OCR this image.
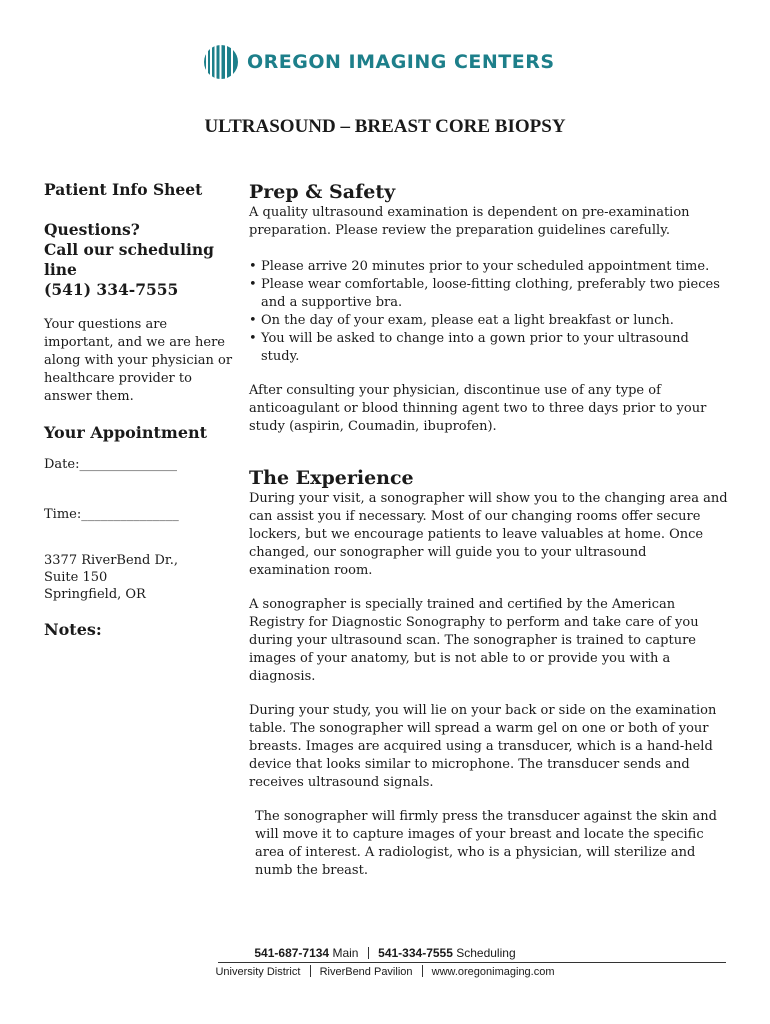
OREGON IMAGING CENTERS
ULTRASOUND – BREAST CORE BIOPSY
Patient Info Sheet
Questions?
Call our scheduling line
(541) 334-7555
Your questions are important, and we are here along with your physician or healthcare provider to answer them.
Your Appointment
Date:_______________
Time:_______________
3377 RiverBend Dr.,
Suite 150
Springfield, OR
Notes:
Prep & Safety

A quality ultrasound examination is dependent on pre-examination preparation. Please review the preparation guidelines carefully.

• Please arrive 20 minutes prior to your scheduled appointment time.
• Please wear comfortable, loose-fitting clothing, preferably two pieces and a supportive bra.
• On the day of your exam, please eat a light breakfast or lunch.
• You will be asked to change into a gown prior to your ultrasound study.

After consulting your physician, discontinue use of any type of anticoagulant or blood thinning agent two to three days prior to your study (aspirin, Coumadin, ibuprofen).

The Experience

During your visit, a sonographer will show you to the changing area and can assist you if necessary. Most of our changing rooms offer secure lockers, but we encourage patients to leave valuables at home. Once changed, our sonographer will guide you to your ultrasound examination room.

A sonographer is specially trained and certified by the American Registry for Diagnostic Sonography to perform and take care of you during your ultrasound scan. The sonographer is trained to capture images of your anatomy, but is not able to or provide you with a diagnosis.

During your study, you will lie on your back or side on the examination table. The sonographer will spread a warm gel on one or both of your breasts. Images are acquired using a transducer, which is a hand-held device that looks similar to microphone. The transducer sends and receives ultrasound signals.

The sonographer will firmly press the transducer against the skin and will move it to capture images of your breast and locate the specific area of interest. A radiologist, who is a physician, will sterilize and numb the breast.

541-687-7134 Main 541-334-7555 Scheduling
University District RiverBend Pavilion www.oregonimaging.com
